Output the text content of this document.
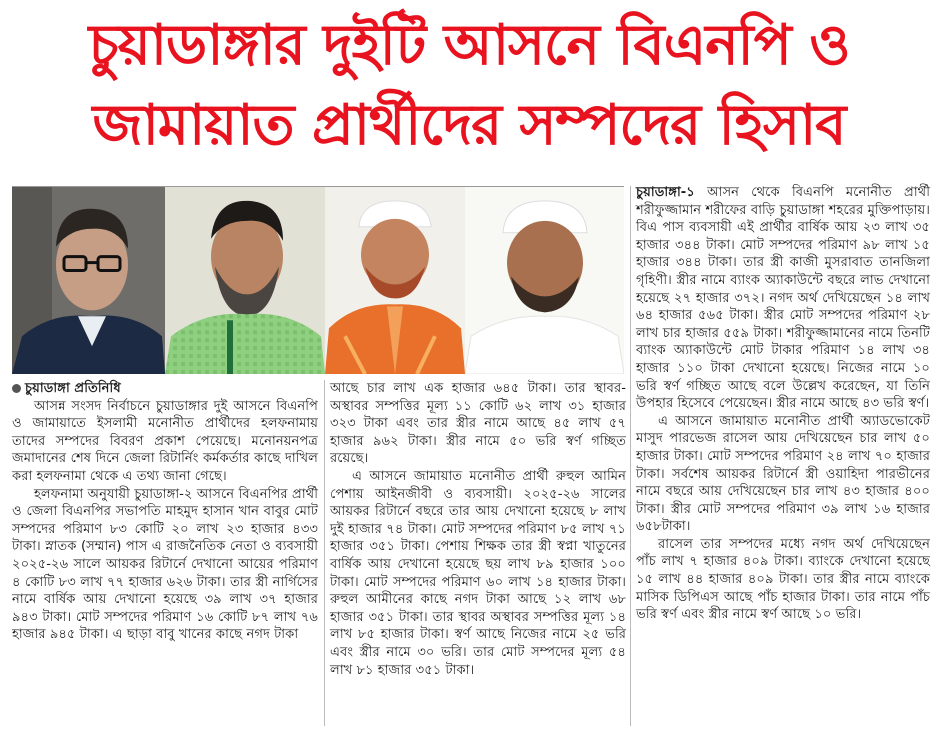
চুয়াডাঙ্গার দুইটি আসনে বিএনপি ও
জামায়াত প্রার্থীদের সম্পদের হিসাব
চুয়াডাঙ্গা প্রতিনিধি

আসন্ন সংসদ নির্বাচনে চুয়াডাঙ্গার দুই আসনে বিএনপি ও জামায়াতে ইসলামী মনোনীত প্রার্থীদের হলফনামায় তাদের সম্পদের বিবরণ প্রকাশ পেয়েছে। মনোনয়নপত্র জমাদানের শেষ দিনে জেলা রিটার্নিং কর্মকর্তার কাছে দাখিল করা হলফনামা থেকে এ তথ্য জানা গেছে।

হলফনামা অনুযায়ী চুয়াডাঙ্গা-২ আসনে বিএনপির প্রার্থী ও জেলা বিএনপির সভাপতি মাহমুদ হাসান খান বাবুর মোট সম্পদের পরিমাণ ৮৩ কোটি ২০ লাখ ২৩ হাজার ৪৩৩ টাকা। স্নাতক (সম্মান) পাস এ রাজনৈতিক নেতা ও ব্যবসায়ী ২০২৫-২৬ সালে আয়কর রিটার্নে দেখানো আয়ের পরিমাণ ৪ কোটি ৮৩ লাখ ৭৭ হাজার ৬২৬ টাকা। তার স্ত্রী নার্গিসের নামে বার্ষিক আয় দেখানো হয়েছে ৩৯ লাখ ৩৭ হাজার ৯৪৩ টাকা। মোট সম্পদের পরিমাণ ১৬ কোটি ৮৭ লাখ ৭৬ হাজার ৯৪৫ টাকা। এ ছাড়া বাবু খানের কাছে নগদ টাকা

আছে চার লাখ এক হাজার ৬৪৫ টাকা। তার স্থাবর-অস্থাবর সম্পত্তির মূল্য ১১ কোটি ৬২ লাখ ৩১ হাজার ৩২৩ টাকা এবং তার স্ত্রীর নামে আছে ৪৫ লাখ ৫৭ হাজার ৯৬২ টাকা। স্ত্রীর নামে ৫০ ভরি স্বর্ণ গচ্ছিত রয়েছে।

এ আসনে জামায়াত মনোনীত প্রার্থী রুহুল আমিন পেশায় আইনজীবী ও ব্যবসায়ী। ২০২৫-২৬ সালের আয়কর রিটার্নে বছরে তার আয় দেখানো হয়েছে ৮ লাখ দুই হাজার ৭৪ টাকা। মোট সম্পদের পরিমাণ ৮৫ লাখ ৭১ হাজার ৩৫১ টাকা। পেশায় শিক্ষক তার স্ত্রী স্বপ্না খাতুনের বার্ষিক আয় দেখানো হয়েছে ছয় লাখ ৮৯ হাজার ১০০ টাকা। মোট সম্পদের পরিমাণ ৬০ লাখ ১৪ হাজার টাকা। রুহুল আমীনের কাছে নগদ টাকা আছে ১২ লাখ ৬৮ হাজার ৩৫১ টাকা। তার স্থাবর অস্থাবর সম্পত্তির মূল্য ১৪ লাখ ৮৫ হাজার টাকা। স্বর্ণ আছে নিজের নামে ২৫ ভরি এবং স্ত্রীর নামে ৩০ ভরি। তার মোট সম্পদের মূল্য ৫৪ লাখ ৮১ হাজার ৩৫১ টাকা।

চুয়াডাঙ্গা-১ আসন থেকে বিএনপি মনোনীত প্রার্থী শরীফুজ্জামান শরীফের বাড়ি চুয়াডাঙ্গা শহরের মুক্তিপাড়ায়। বিএ পাস ব্যবসায়ী এই প্রার্থীর বার্ষিক আয় ২৩ লাখ ৩৫ হাজার ৩৪৪ টাকা। মোট সম্পদের পরিমাণ ৯৮ লাখ ১৫ হাজার ৩৪৪ টাকা। তার স্ত্রী কাজী মুসরাবাত তানজিলা গৃহিণী। স্ত্রীর নামে ব্যাংক অ্যাকাউন্টে বছরে লাভ দেখানো হয়েছে ২৭ হাজার ৩৭২। নগদ অর্থ দেখিয়েছেন ১৪ লাখ ৬৪ হাজার ৫৬৫ টাকা। স্ত্রীর মোট সম্পদের পরিমাণ ২৮ লাখ চার হাজার ৫৫৯ টাকা। শরীফুজ্জামানের নামে তিনটি ব্যাংক অ্যাকাউন্টে মোট টাকার পরিমাণ ১৪ লাখ ৩৪ হাজার ১১০ টাকা দেখানো হয়েছে। নিজের নামে ১০ ভরি স্বর্ণ গচ্ছিত আছে বলে উল্লেখ করেছেন, যা তিনি উপহার হিসেবে পেয়েছেন। স্ত্রীর নামে আছে ৪৩ ভরি স্বর্ণ।

এ আসনে জামায়াত মনোনীত প্রার্থী অ্যাডভোকেট মাসুদ পারভেজ রাসেল আয় দেখিয়েছেন চার লাখ ৫০ হাজার টাকা। মোট সম্পদের পরিমাণ ২৪ লাখ ৭০ হাজার টাকা। সর্বশেষ আয়কর রিটার্নে স্ত্রী ওয়াহিদা পারভীনের নামে বছরে আয় দেখিয়েছেন চার লাখ ৪৩ হাজার ৪০০ টাকা। স্ত্রীর মোট সম্পদের পরিমাণ ৩৯ লাখ ১৬ হাজার ৬৫৮টাকা।

রাসেল তার সম্পদের মধ্যে নগদ অর্থ দেখিয়েছেন পাঁচ লাখ ৭ হাজার ৪০৯ টাকা। ব্যাংকে দেখানো হয়েছে ১৫ লাখ ৪৪ হাজার ৪০৯ টাকা। তার স্ত্রীর নামে ব্যাংকে মাসিক ডিপিএস আছে পাঁচ হাজার টাকা। তার নামে পাঁচ ভরি স্বর্ণ এবং স্ত্রীর নামে স্বর্ণ আছে ১০ ভরি।
